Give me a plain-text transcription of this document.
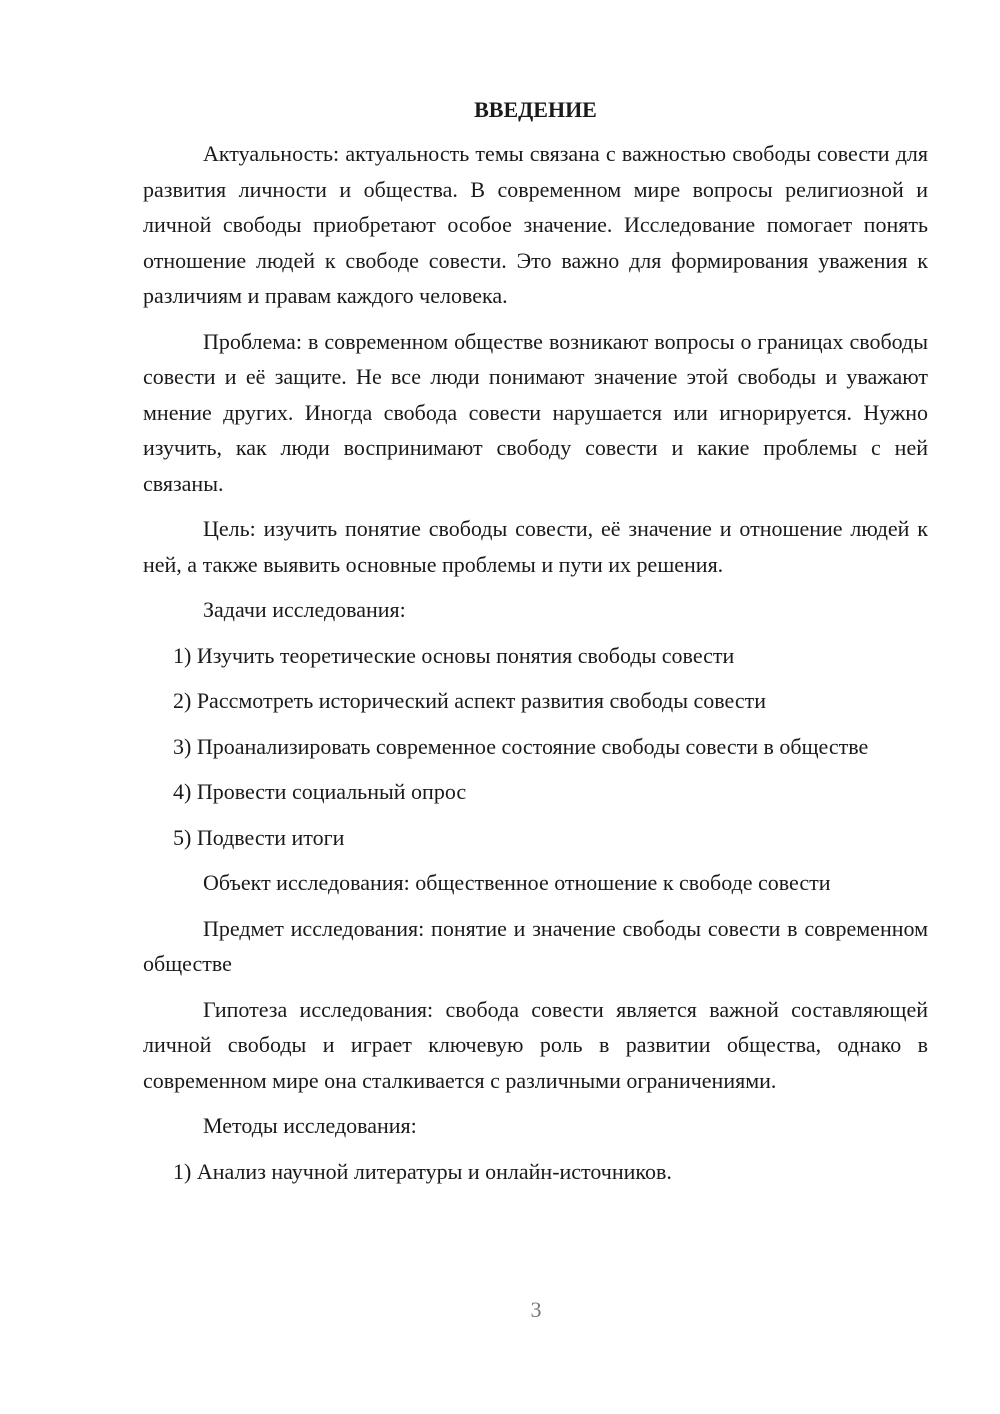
ВВЕДЕНИЕ

Актуальность: актуальность темы связана с важностью свободы совести для развития личности и общества. В современном мире вопросы религиозной и личной свободы приобретают особое значение. Исследование помогает понять отношение людей к свободе совести. Это важно для формирования уважения к различиям и правам каждого человека.

Проблема: в современном обществе возникают вопросы о границах свободы совести и её защите. Не все люди понимают значение этой свободы и уважают мнение других. Иногда свобода совести нарушается или игнорируется. Нужно изучить, как люди воспринимают свободу совести и какие проблемы с ней связаны.

Цель: изучить понятие свободы совести, её значение и отношение людей к ней, а также выявить основные проблемы и пути их решения.

Задачи исследования:

1) Изучить теоретические основы понятия свободы совести

2) Рассмотреть исторический аспект развития свободы совести

3) Проанализировать современное состояние свободы совести в обществе

4) Провести социальный опрос

5) Подвести итоги

Объект исследования: общественное отношение к свободе совести

Предмет исследования: понятие и значение свободы совести в современном обществе

Гипотеза исследования: свобода совести является важной составляющей личной свободы и играет ключевую роль в развитии общества, однако в современном мире она сталкивается с различными ограничениями.

Методы исследования:

1) Анализ научной литературы и онлайн-источников.

3
